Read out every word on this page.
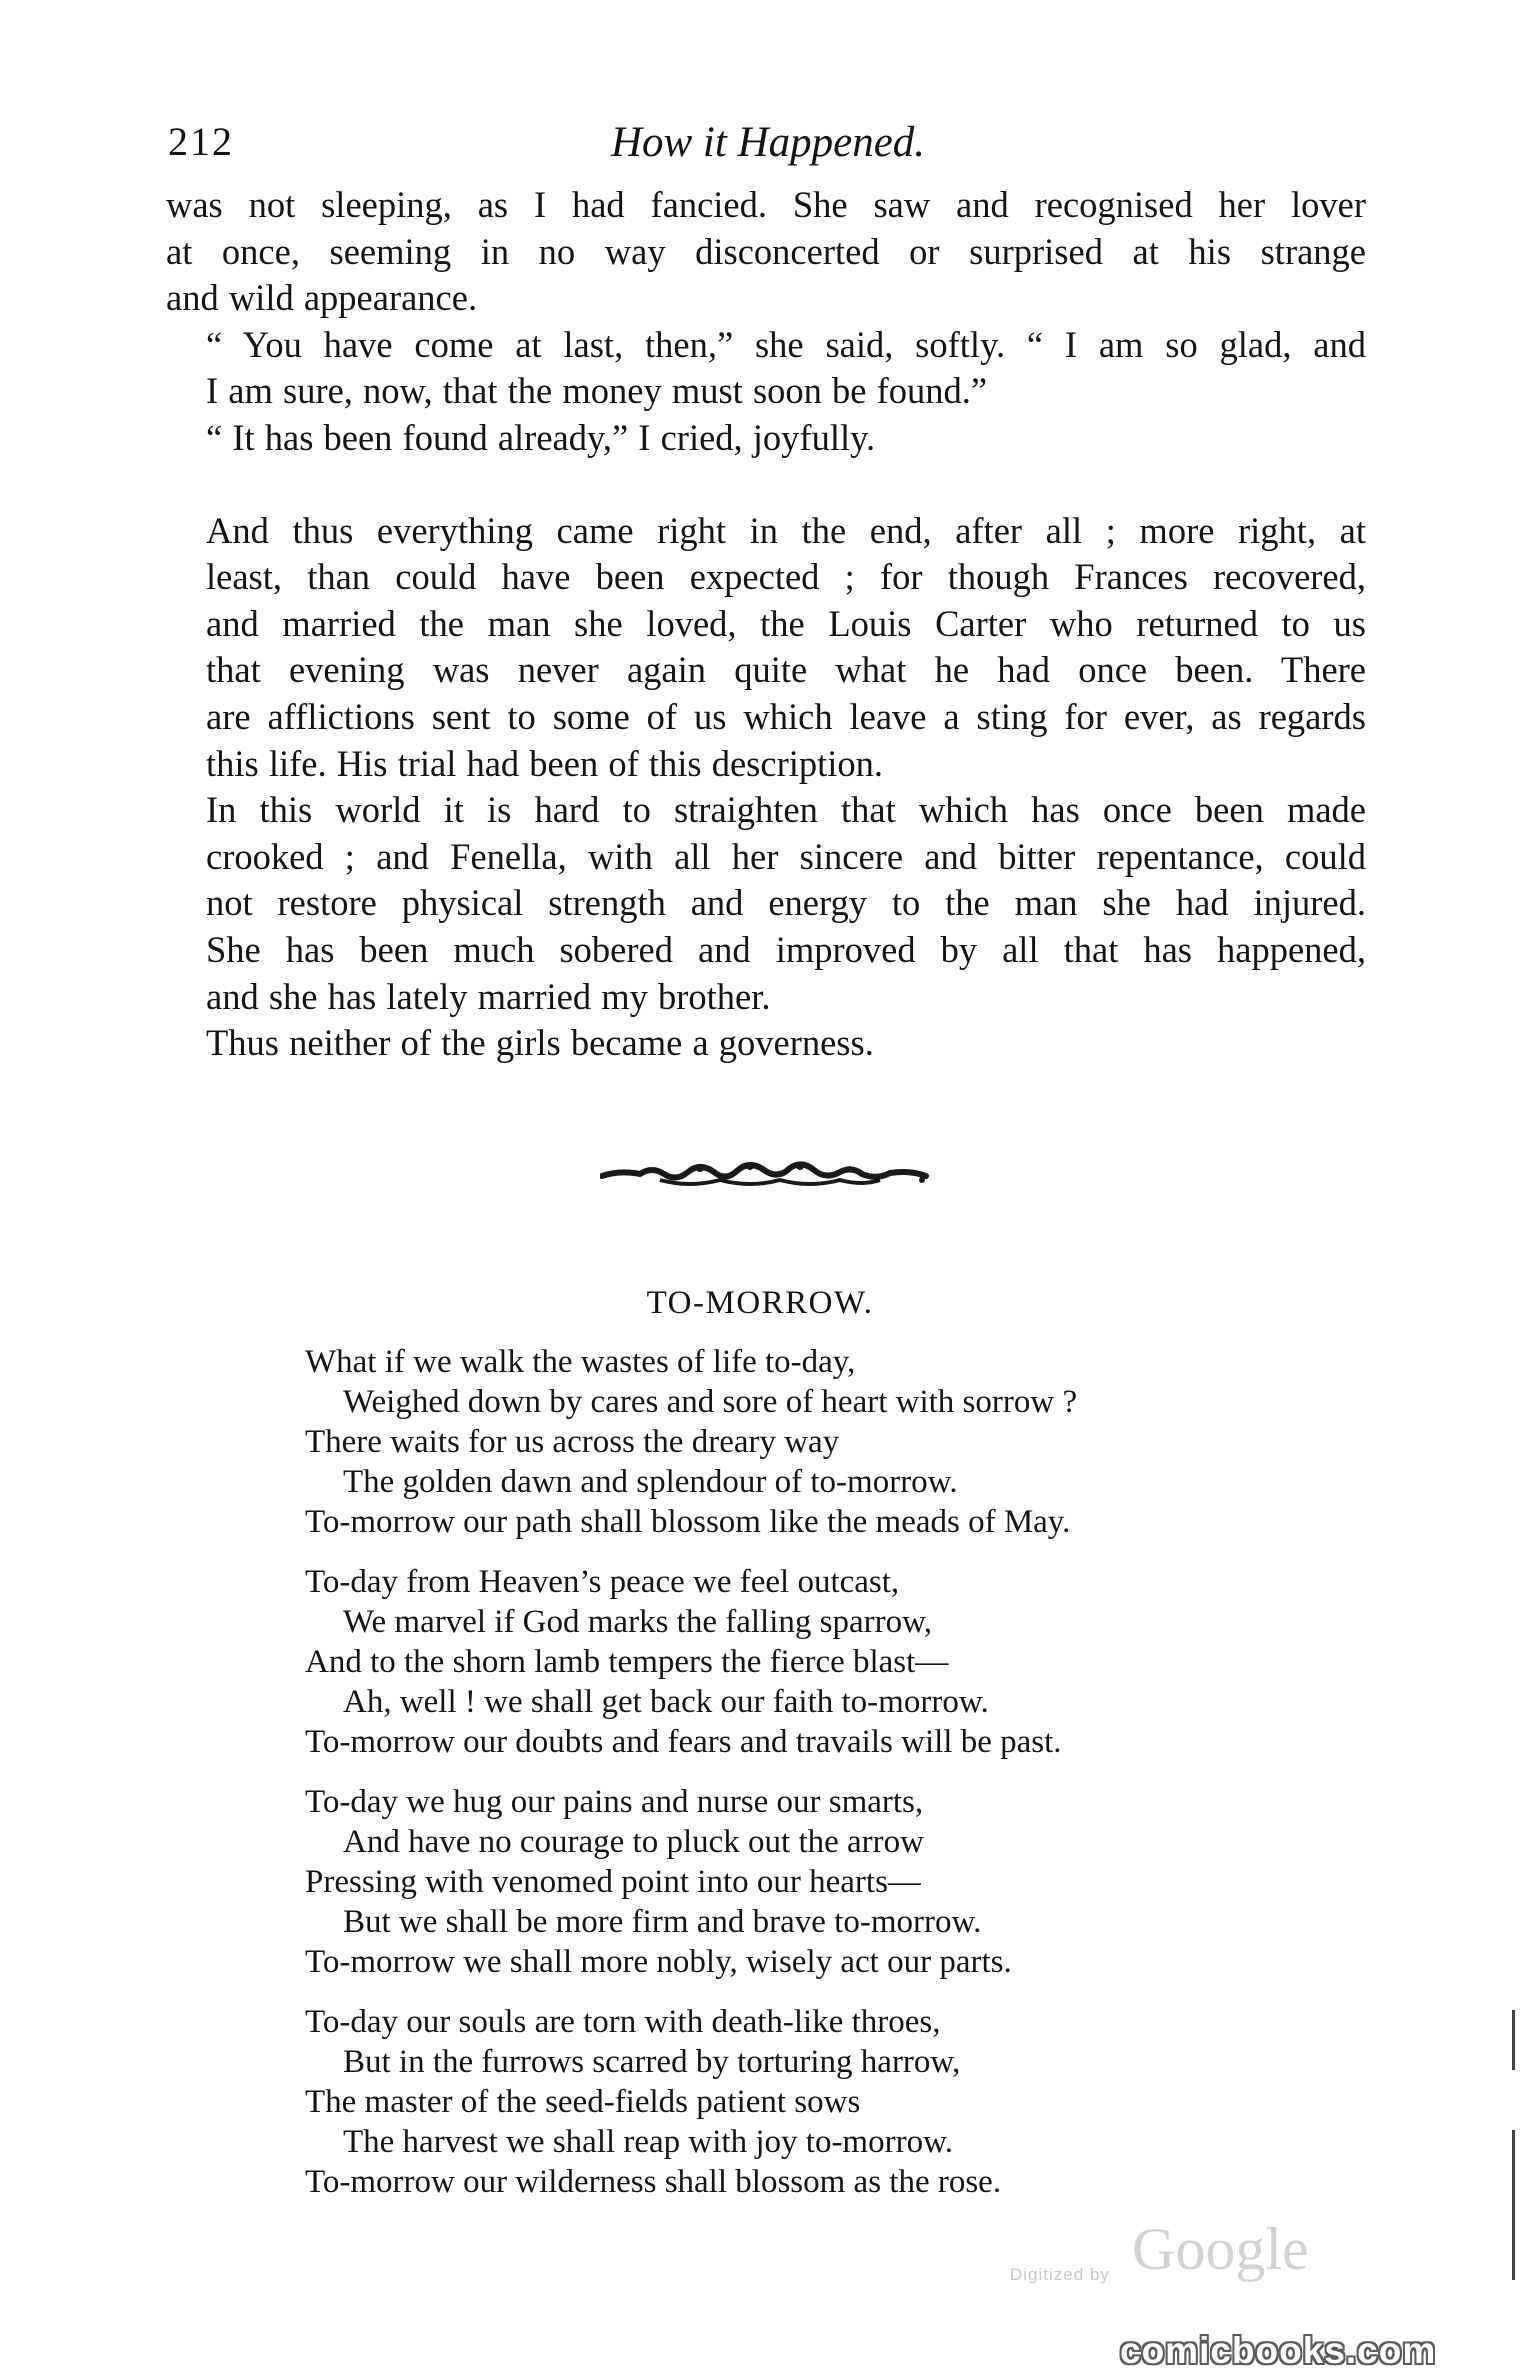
212	How it Happened.

was not sleeping, as I had fancied. She saw and recognised her lover
at once, seeming in no way disconcerted or surprised at his strange
and wild appearance.

“ You have come at last, then,” she said, softly. “ I am so glad, and
I am sure, now, that the money must soon be found.”

“ It has been found already,” I cried, joyfully.

And thus everything came right in the end, after all ; more right, at
least, than could have been expected ; for though Frances recovered,
and married the man she loved, the Louis Carter who returned to us
that evening was never again quite what he had once been. There
are afflictions sent to some of us which leave a sting for ever, as regards
this life. His trial had been of this description.

In this world it is hard to straighten that which has once been made
crooked ; and Fenella, with all her sincere and bitter repentance, could
not restore physical strength and energy to the man she had injured.
She has been much sobered and improved by all that has happened,
and she has lately married my brother.

Thus neither of the girls became a governess.

TO-MORROW.
What if we walk the wastes of life to-day,
Weighed down by cares and sore of heart with sorrow ?
There waits for us across the dreary way
The golden dawn and splendour of to-morrow.
To-morrow our path shall blossom like the meads of May.
To-day from Heaven’s peace we feel outcast,
We marvel if God marks the falling sparrow,
And to the shorn lamb tempers the fierce blast—
Ah, well ! we shall get back our faith to-morrow.
To-morrow our doubts and fears and travails will be past.
To-day we hug our pains and nurse our smarts,
And have no courage to pluck out the arrow
Pressing with venomed point into our hearts—
But we shall be more firm and brave to-morrow.
To-morrow we shall more nobly, wisely act our parts.
To-day our souls are torn with death-like throes,
But in the furrows scarred by torturing harrow,
The master of the seed-fields patient sows
The harvest we shall reap with joy to-morrow.
To-morrow our wilderness shall blossom as the rose.
Digitized by Google
comicbooks.com
